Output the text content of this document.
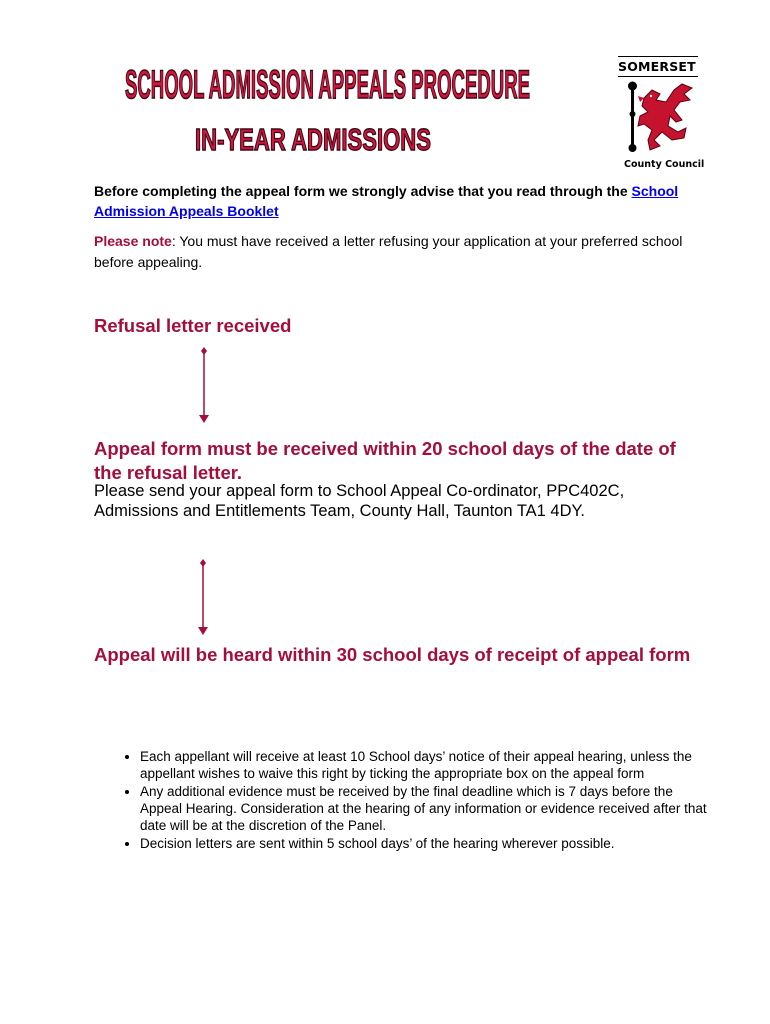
SCHOOL ADMISSION APPEALS PROCEDURE
IN-YEAR ADMISSIONS
SOMERSET
County Council
Before completing the appeal form we strongly advise that you read through the School Admission Appeals Booklet
Please note: You must have received a letter refusing your application at your preferred school before appealing.
Refusal letter received
Appeal form must be received within 20 school days of the date of the refusal letter.
Please send your appeal form to School Appeal Co-ordinator, PPC402C, Admissions and Entitlements Team, County Hall, Taunton TA1 4DY.
Appeal will be heard within 30 school days of receipt of appeal form
• Each appellant will receive at least 10 School days’ notice of their appeal hearing, unless the appellant wishes to waive this right by ticking the appropriate box on the appeal form
• Any additional evidence must be received by the final deadline which is 7 days before the Appeal Hearing. Consideration at the hearing of any information or evidence received after that date will be at the discretion of the Panel.
• Decision letters are sent within 5 school days’ of the hearing wherever possible.
